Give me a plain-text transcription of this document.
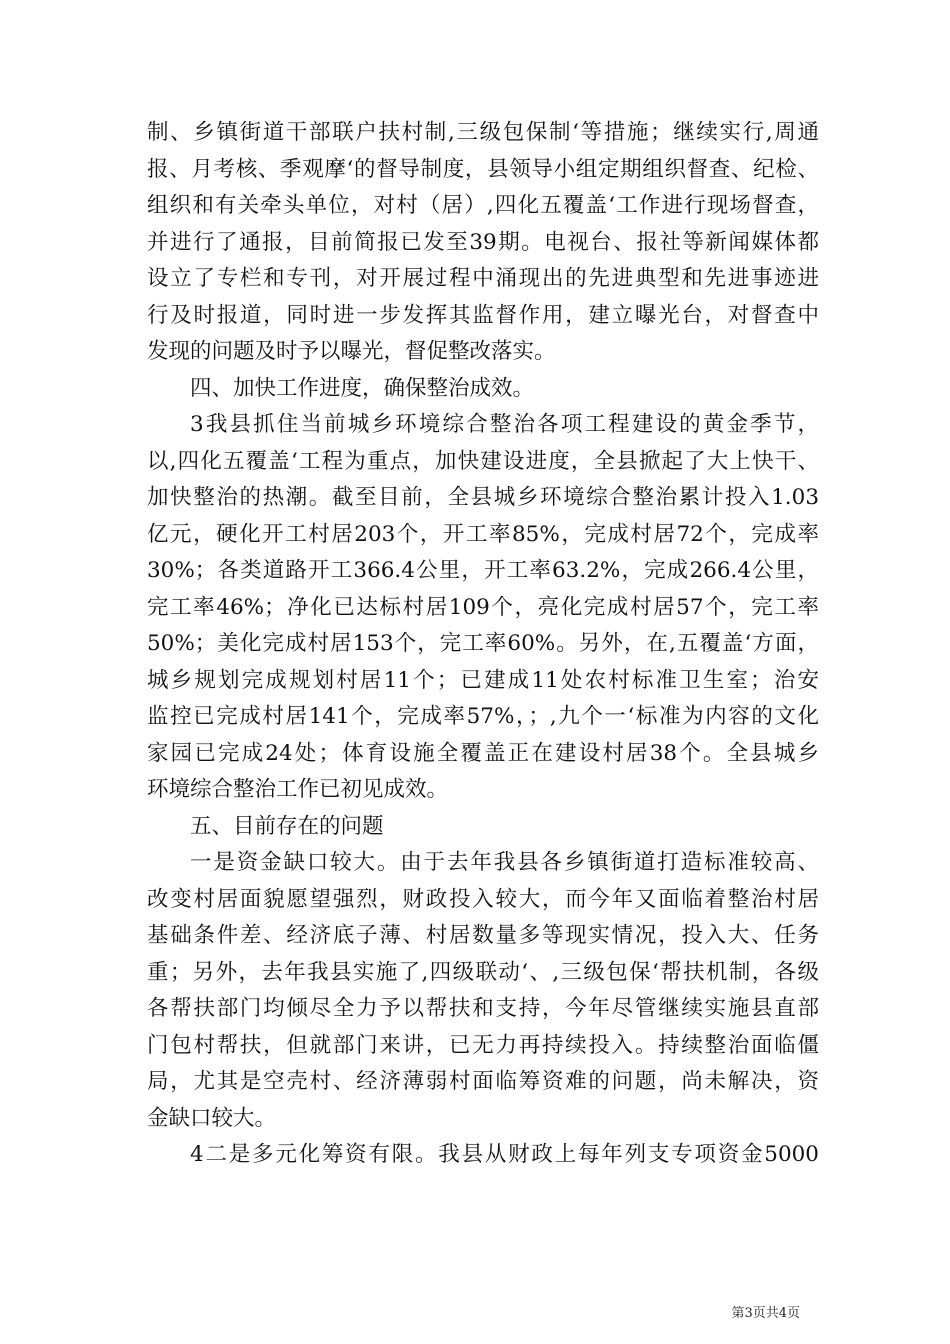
制、乡镇街道干部联户扶村制,三级包保制‘等措施；继续实行,周通
报、月考核、季观摩‘的督导制度，县领导小组定期组织督查、纪检、
组织和有关牵头单位，对村（居）,四化五覆盖‘工作进行现场督查，
并进行了通报，目前简报已发至39期。电视台、报社等新闻媒体都
设立了专栏和专刊，对开展过程中涌现出的先进典型和先进事迹进
行及时报道，同时进一步发挥其监督作用，建立曝光台，对督查中
发现的问题及时予以曝光，督促整改落实。
四、加快工作进度，确保整治成效。
3我县抓住当前城乡环境综合整治各项工程建设的黄金季节，
以,四化五覆盖‘工程为重点，加快建设进度，全县掀起了大上快干、
加快整治的热潮。截至目前，全县城乡环境综合整治累计投入1.03
亿元，硬化开工村居203个，开工率85%，完成村居72个，完成率
30%；各类道路开工366.4公里，开工率63.2%，完成266.4公里，
完工率46%；净化已达标村居109个，亮化完成村居57个，完工率
50%；美化完成村居153个，完工率60%。另外，在,五覆盖‘方面，
城乡规划完成规划村居11个；已建成11处农村标准卫生室；治安
监控已完成村居141个，完成率57%，；,九个一‘标准为内容的文化
家园已完成24处；体育设施全覆盖正在建设村居38个。全县城乡
环境综合整治工作已初见成效。
五、目前存在的问题
一是资金缺口较大。由于去年我县各乡镇街道打造标准较高、
改变村居面貌愿望强烈，财政投入较大，而今年又面临着整治村居
基础条件差、经济底子薄、村居数量多等现实情况，投入大、任务
重；另外，去年我县实施了,四级联动‘、,三级包保‘帮扶机制，各级
各帮扶部门均倾尽全力予以帮扶和支持，今年尽管继续实施县直部
门包村帮扶，但就部门来讲，已无力再持续投入。持续整治面临僵
局，尤其是空壳村、经济薄弱村面临筹资难的问题，尚未解决，资
金缺口较大。
4二是多元化筹资有限。我县从财政上每年列支专项资金5000
第3页共4页
